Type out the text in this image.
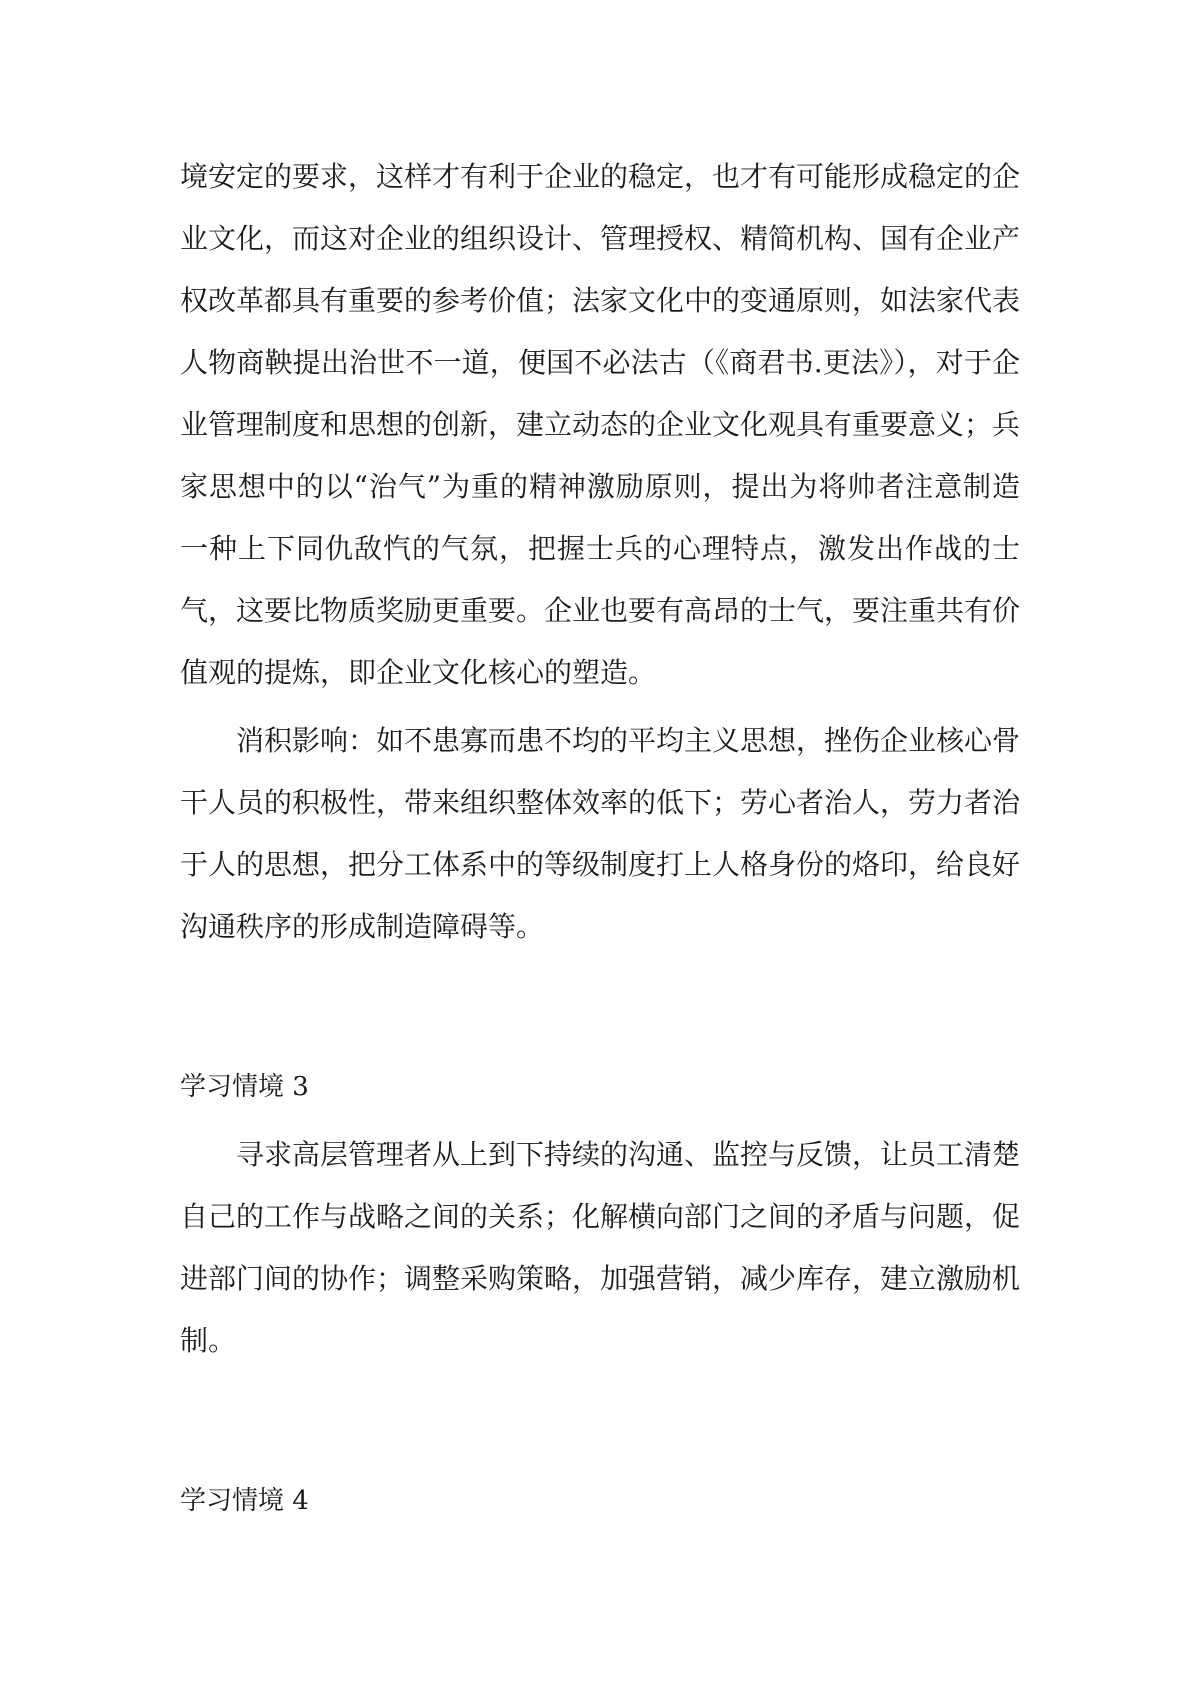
境安定的要求，这样才有利于企业的稳定，也才有可能形成稳定的企业文化，而这对企业的组织设计、管理授权、精简机构、国有企业产权改革都具有重要的参考价值；法家文化中的变通原则，如法家代表人物商鞅提出治世不一道，便国不必法古（《商君书.更法》），对于企业管理制度和思想的创新，建立动态的企业文化观具有重要意义；兵家思想中的以“治气”为重的精神激励原则，提出为将帅者注意制造一种上下同仇敌忾的气氛，把握士兵的心理特点，激发出作战的士气，这要比物质奖励更重要。企业也要有高昂的士气，要注重共有价值观的提炼，即企业文化核心的塑造。

消积影响：如不患寡而患不均的平均主义思想，挫伤企业核心骨干人员的积极性，带来组织整体效率的低下；劳心者治人，劳力者治于人的思想，把分工体系中的等级制度打上人格身份的烙印，给良好沟通秩序的形成制造障碍等。

学习情境 3

寻求高层管理者从上到下持续的沟通、监控与反馈，让员工清楚自己的工作与战略之间的关系；化解横向部门之间的矛盾与问题，促进部门间的协作；调整采购策略，加强营销，减少库存，建立激励机制。

学习情境 4
